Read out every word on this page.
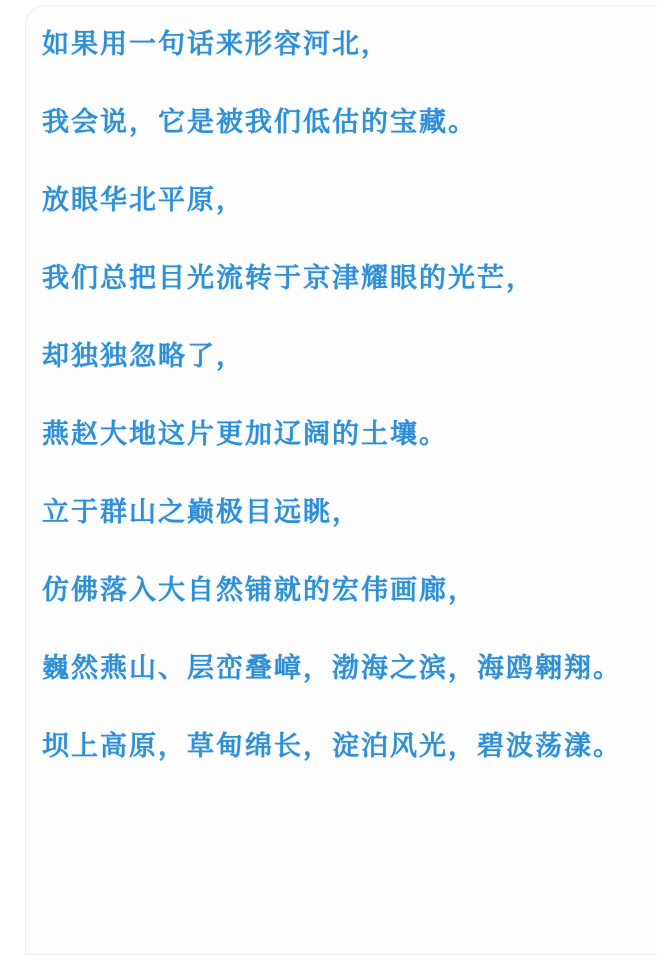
如果用一句话来形容河北，

我会说，它是被我们低估的宝藏。

放眼华北平原，

我们总把目光流转于京津耀眼的光芒，

却独独忽略了，

燕赵大地这片更加辽阔的土壤。

立于群山之巅极目远眺，

仿佛落入大自然铺就的宏伟画廊，

巍然燕山、层峦叠嶂，渤海之滨，海鸥翱翔。

坝上高原，草甸绵长，淀泊风光，碧波荡漾。
